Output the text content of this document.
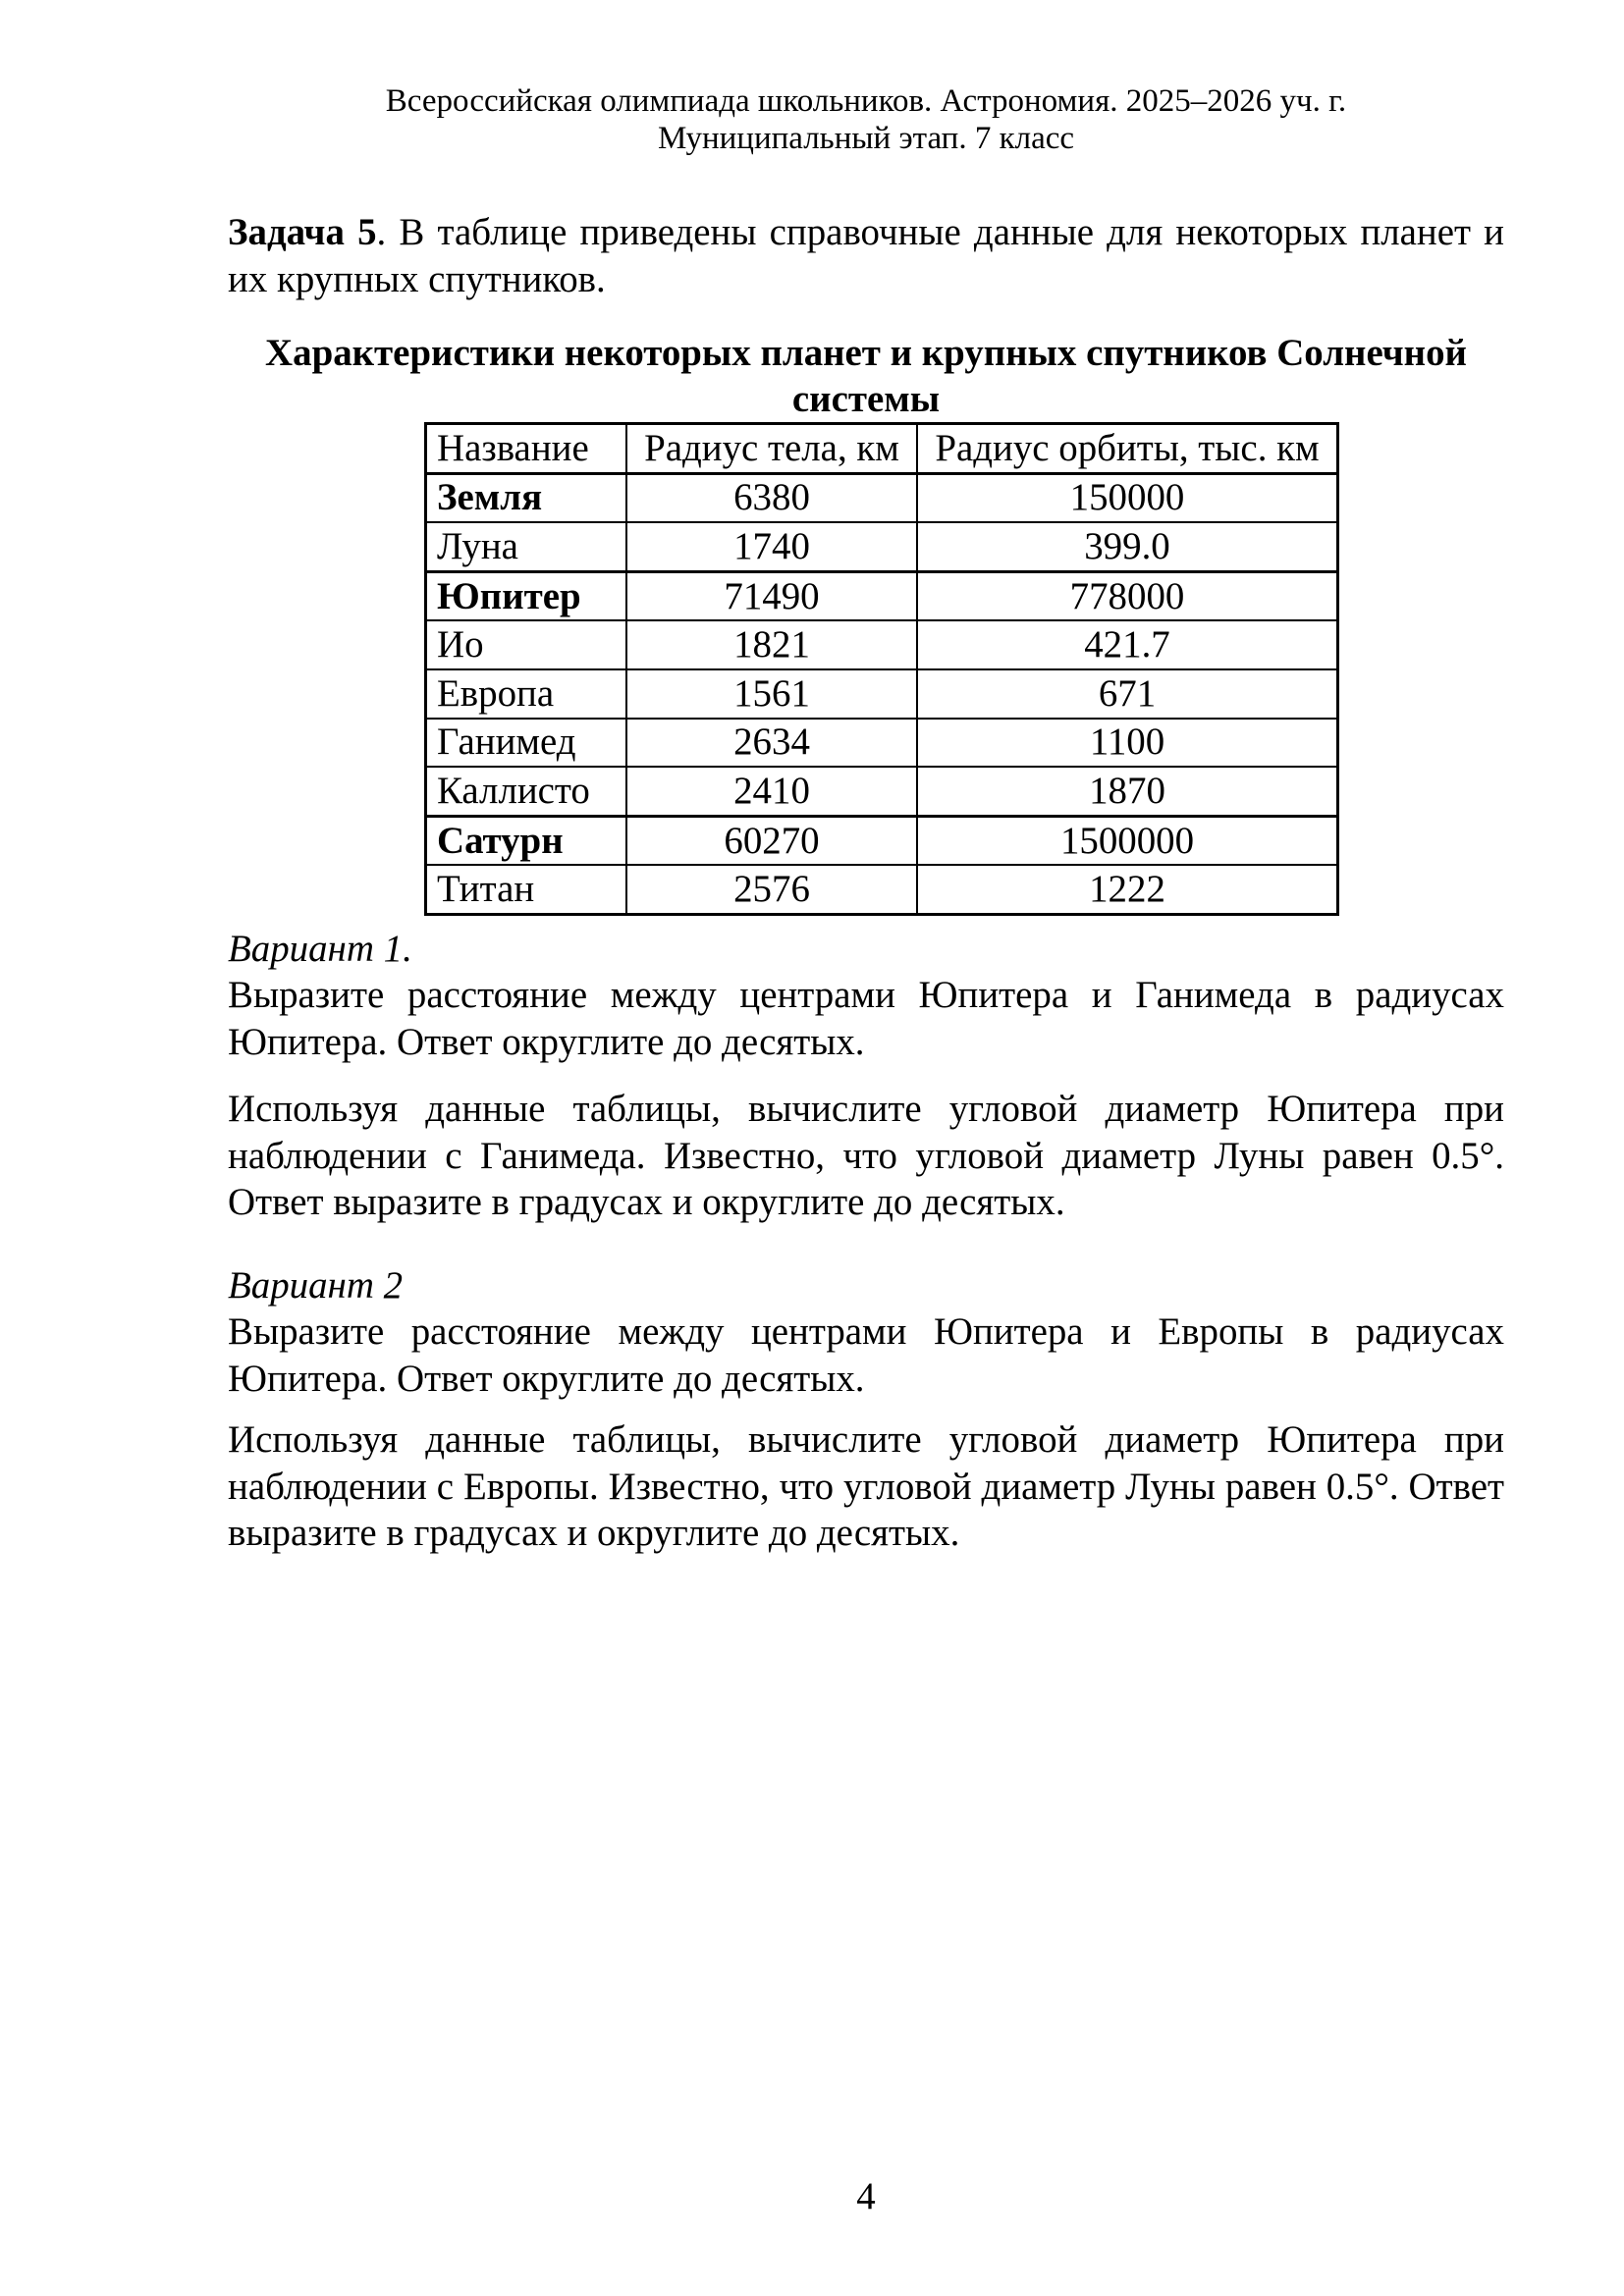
Всероссийская олимпиада школьников. Астрономия. 2025–2026 уч. г.
Муниципальный этап. 7 класс
Задача 5. В таблице приведены справочные данные для некоторых планет и их крупных спутников.
Характеристики некоторых планет и крупных спутников Солнечной системы
Название	Радиус тела, км	Радиус орбиты, тыс. км
Земля	6380	150000
Луна	1740	399.0
Юпитер	71490	778000
Ио	1821	421.7
Европа	1561	671
Ганимед	2634	1100
Каллисто	2410	1870
Сатурн	60270	1500000
Титан	2576	1222
Вариант 1.
Выразите расстояние между центрами Юпитера и Ганимеда в радиусах Юпитера. Ответ округлите до десятых.
Используя данные таблицы, вычислите угловой диаметр Юпитера при наблюдении с Ганимеда. Известно, что угловой диаметр Луны равен 0.5°. Ответ выразите в градусах и округлите до десятых.
Вариант 2
Выразите расстояние между центрами Юпитера и Европы в радиусах Юпитера. Ответ округлите до десятых.
Используя данные таблицы, вычислите угловой диаметр Юпитера при наблюдении с Европы. Известно, что угловой диаметр Луны равен 0.5°. Ответ выразите в градусах и округлите до десятых.
4
